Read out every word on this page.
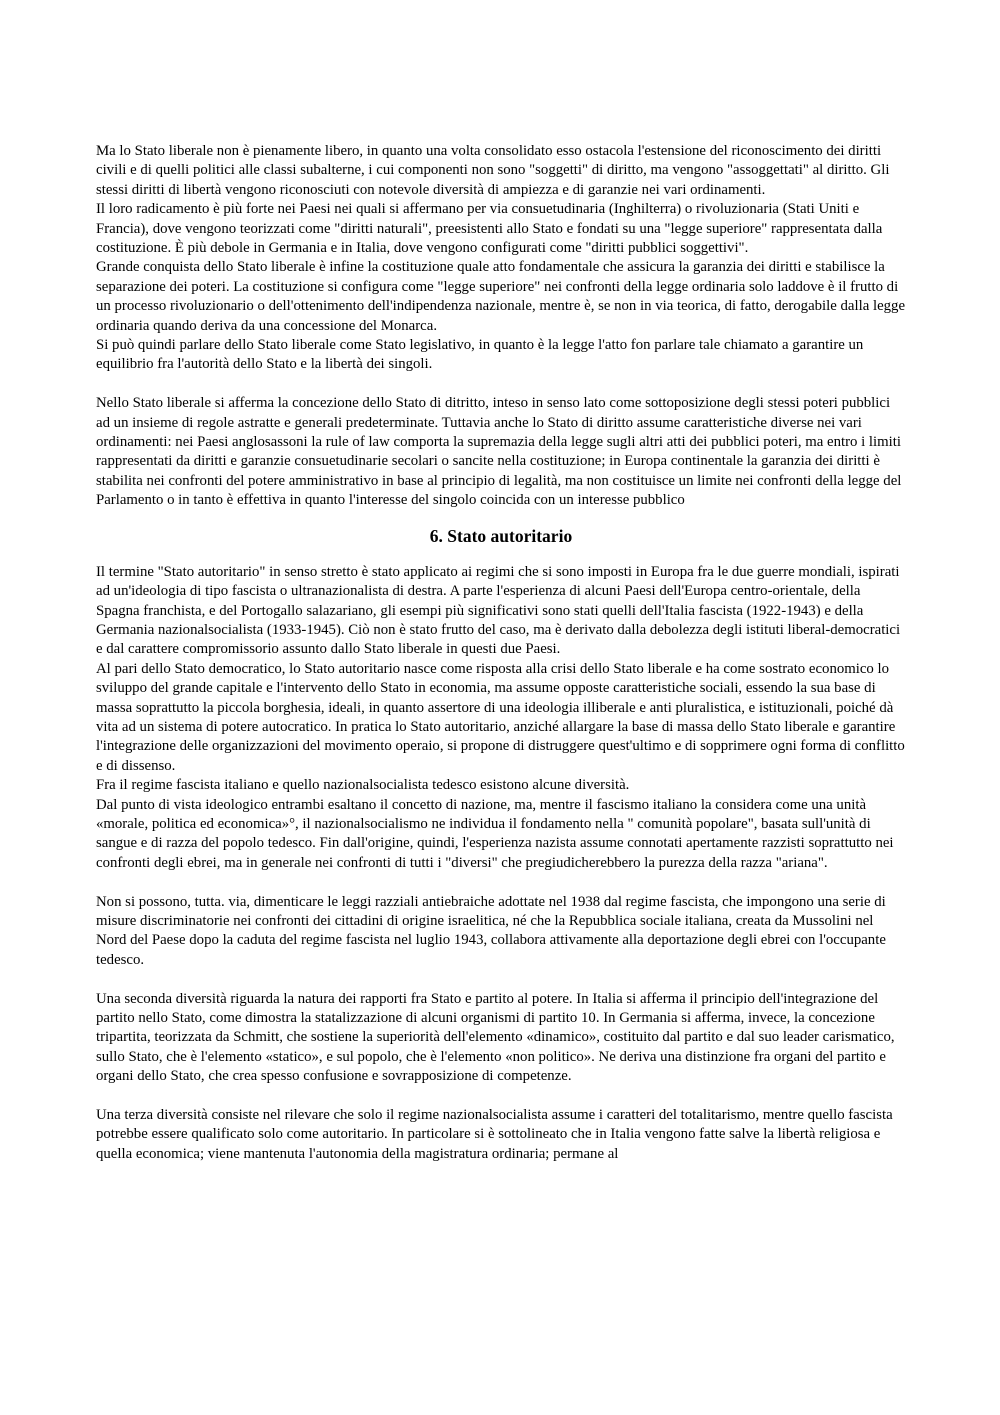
Ma lo Stato liberale non è pienamente libero, in quanto una volta consolidato esso ostacola l'estensione del riconoscimento dei diritti civili e di quelli politici alle classi subalterne, i cui componenti non sono "soggetti" di diritto, ma vengono "assoggettati" al diritto. Gli stessi diritti di libertà vengono riconosciuti con notevole diversità di ampiezza e di garanzie nei vari ordinamenti.

Il loro radicamento è più forte nei Paesi nei quali si affermano per via consuetudinaria (Inghilterra) o rivoluzionaria (Stati Uniti e Francia), dove vengono teorizzati come "diritti naturali", preesistenti allo Stato e fondati su una "legge superiore" rappresentata dalla costituzione. È più debole in Germania e in Italia, dove vengono configurati come "diritti pubblici soggettivi".

Grande conquista dello Stato liberale è infine la costituzione quale atto fondamentale che assicura la garanzia dei diritti e stabilisce la separazione dei poteri. La costituzione si configura come "legge superiore" nei confronti della legge ordinaria solo laddove è il frutto di un processo rivoluzionario o dell'ottenimento dell'indipendenza nazionale, mentre è, se non in via teorica, di fatto, derogabile dalla legge ordinaria quando deriva da una concessione del Monarca.

Si può quindi parlare dello Stato liberale come Stato legislativo, in quanto è la legge l'atto fon parlare tale chiamato a garantire un equilibrio fra l'autorità dello Stato e la libertà dei singoli.

Nello Stato liberale si afferma la concezione dello Stato di ditritto, inteso in senso lato come sottoposizione degli stessi poteri pubblici ad un insieme di regole astratte e generali predeterminate. Tuttavia anche lo Stato di diritto assume caratteristiche diverse nei vari ordinamenti: nei Paesi anglosassoni la rule of law comporta la supremazia della legge sugli altri atti dei pubblici poteri, ma entro i limiti rappresentati da diritti e garanzie consuetudinarie secolari o sancite nella costituzione; in Europa continentale la garanzia dei diritti è stabilita nei confronti del potere amministrativo in base al principio di legalità, ma non costituisce un limite nei confronti della legge del Parlamento o in tanto è effettiva in quanto l'interesse del singolo coincida con un interesse pubblico

6. Stato autoritario

Il termine "Stato autoritario" in senso stretto è stato applicato ai regimi che si sono imposti in Europa fra le due guerre mondiali, ispirati ad un'ideologia di tipo fascista o ultranazionalista di destra. A parte l'esperienza di alcuni Paesi dell'Europa centro-orientale, della Spagna franchista, e del Portogallo salazariano, gli esempi più significativi sono stati quelli dell'Italia fascista (1922-1943) e della Germania nazionalsocialista (1933-1945). Ciò non è stato frutto del caso, ma è derivato dalla debolezza degli istituti liberal-democratici e dal carattere compromissorio assunto dallo Stato liberale in questi due Paesi.

Al pari dello Stato democratico, lo Stato autoritario nasce come risposta alla crisi dello Stato liberale e ha come sostrato economico lo sviluppo del grande capitale e l'intervento dello Stato in economia, ma assume opposte caratteristiche sociali, essendo la sua base di massa soprattutto la piccola borghesia, ideali, in quanto assertore di una ideologia illiberale e anti pluralistica, e istituzionali, poiché dà vita ad un sistema di potere autocratico. In pratica lo Stato autoritario, anziché allargare la base di massa dello Stato liberale e garantire l'integrazione delle organizzazioni del movimento operaio, si propone di distruggere quest'ultimo e di sopprimere ogni forma di conflitto e di dissenso.

Fra il regime fascista italiano e quello nazionalsocialista tedesco esistono alcune diversità.

Dal punto di vista ideologico entrambi esaltano il concetto di nazione, ma, mentre il fascismo italiano la considera come una unità «morale, politica ed economica»°, il nazionalsocialismo ne individua il fondamento nella " comunità popolare", basata sull'unità di sangue e di razza del popolo tedesco. Fin dall'origine, quindi, l'esperienza nazista assume connotati apertamente razzisti soprattutto nei confronti degli ebrei, ma in generale nei confronti di tutti i "diversi" che pregiudicherebbero la purezza della razza "ariana".

Non si possono, tutta. via, dimenticare le leggi razziali antiebraiche adottate nel 1938 dal regime fascista, che impongono una serie di misure discriminatorie nei confronti dei cittadini di origine israelitica, né che la Repubblica sociale italiana, creata da Mussolini nel Nord del Paese dopo la caduta del regime fascista nel luglio 1943, collabora attivamente alla deportazione degli ebrei con l'occupante tedesco.

Una seconda diversità riguarda la natura dei rapporti fra Stato e partito al potere. In Italia si afferma il principio dell'integrazione del partito nello Stato, come dimostra la statalizzazione di alcuni organismi di partito 10. In Germania si afferma, invece, la concezione tripartita, teorizzata da Schmitt, che sostiene la superiorità dell'elemento «dinamico», costituito dal partito e dal suo leader carismatico, sullo Stato, che è l'elemento «statico», e sul popolo, che è l'elemento «non politico». Ne deriva una distinzione fra organi del partito e organi dello Stato, che crea spesso confusione e sovrapposizione di competenze.

Una terza diversità consiste nel rilevare che solo il regime nazionalsocialista assume i caratteri del totalitarismo, mentre quello fascista potrebbe essere qualificato solo come autoritario. In particolare si è sottolineato che in Italia vengono fatte salve la libertà religiosa e quella economica; viene mantenuta l'autonomia della magistratura ordinaria; permane al
